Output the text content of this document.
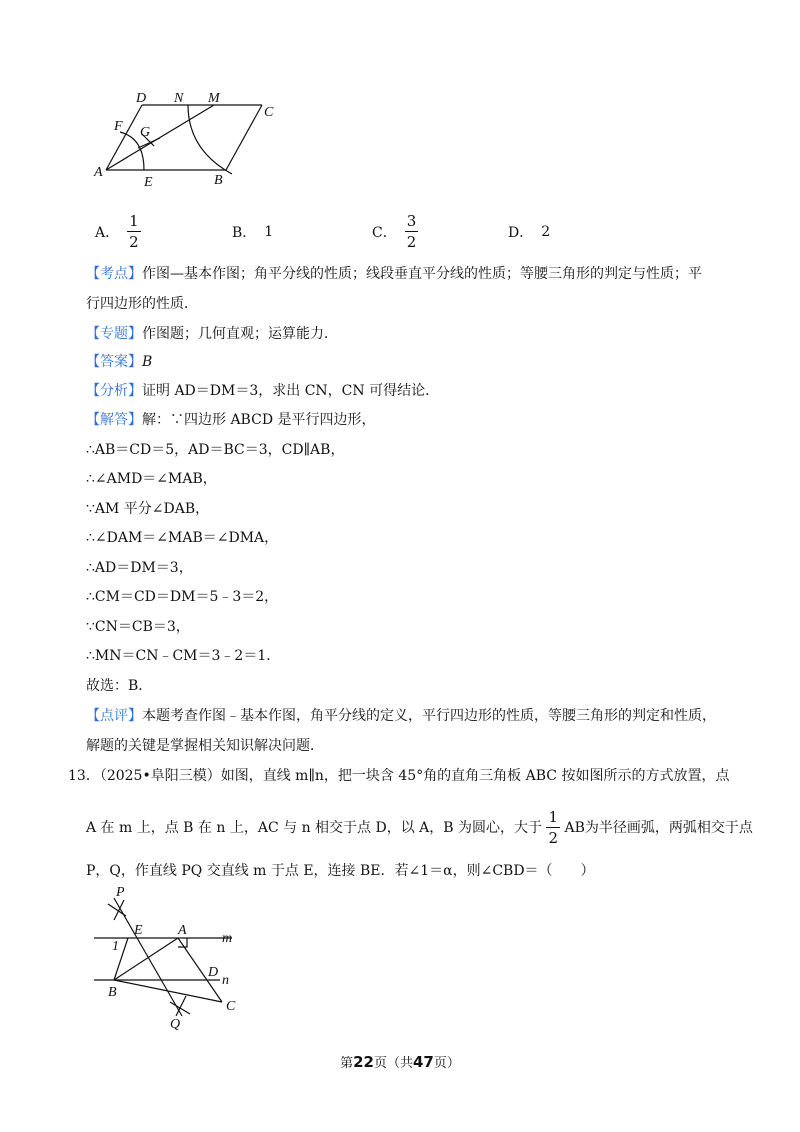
D N M
C
F G
A
E	B
A． $\frac{1}{2}$	B． 1	C． $\frac{3}{2}$	D． 2
【考点】作图—基本作图；角平分线的性质；线段垂直平分线的性质；等腰三角形的判定与性质；平
行四边形的性质．
【专题】作图题；几何直观；运算能力．
【答案】B
【分析】证明 AD＝DM＝3，求出 CN，CN 可得结论．
【解答】解：∵四边形 ABCD 是平行四边形，
∴AB＝CD＝5，AD＝BC＝3，CD∥AB，
∴∠AMD＝∠MAB，
∵AM 平分∠DAB，
∴∠DAM＝∠MAB＝∠DMA，
∴AD＝DM＝3，
∴CM＝CD＝DM＝5﹣3＝2，
∵CN＝CB＝3，
∴MN＝CN﹣CM＝3﹣2＝1．
故选：B．
【点评】本题考查作图﹣基本作图，角平分线的定义，平行四边形的性质，等腰三角形的判定和性质，
解题的关键是掌握相关知识解决问题．
13．（2025•阜阳三模）如图，直线 m∥n，把一块含 45°角的直角三角板 ABC 按如图所示的方式放置，点
A 在 m 上，点 B 在 n 上，AC 与 n 相交于点 D，以 A，B 为圆心，大于 $\frac{1}{2}$ AB为半径画弧，两弧相交于点
P，Q，作直线 PQ 交直线 m 于点 E，连接 BE．若∠1＝α，则∠CBD＝（　　）
P
E	A
m
1
D
n
B
C
Q
第22页（共47页）
